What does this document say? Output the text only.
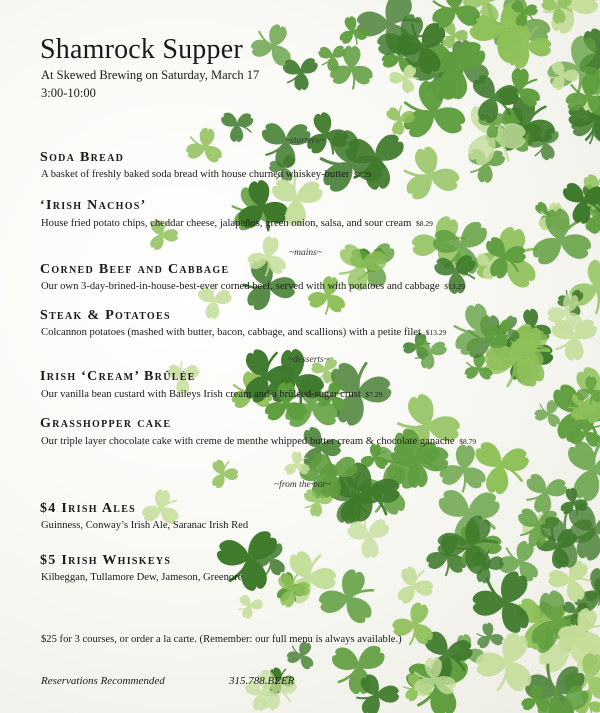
Shamrock Supper
At Skewed Brewing on Saturday, March 17
3:00-10:00
~starters~
Soda Bread
A basket of freshly baked soda bread with house churned whiskey-butter $7.29
‘Irish Nachos’
House fried potato chips, cheddar cheese, jalapeños, green onion, salsa, and sour cream $8.29
~mains~
Corned Beef and Cabbage
Our own 3-day-brined-in-house-best-ever corned beef, served with with potatoes and cabbage $13.29
Steak & Potatoes
Colcannon potatoes (mashed with butter, bacon, cabbage, and scallions) with a petite filet $13.29
~desserts~
Irish ‘Cream’ Brûlée
Our vanilla bean custard with Baileys Irish cream and a brûléed-sugar crust $7.29
Grasshopper cake
Our triple layer chocolate cake with creme de menthe whipped butter cream & chocolate ganache $8.79
~from the bar~
$4 Irish Ales
Guinness, Conway’s Irish Ale, Saranac Irish Red
$5 Irish Whiskeys
Kilbeggan, Tullamore Dew, Jameson, Greenore
$25 for 3 courses, or order a la carte. (Remember: our full menu is always available.)
Reservations Recommended	315.788.BEER
